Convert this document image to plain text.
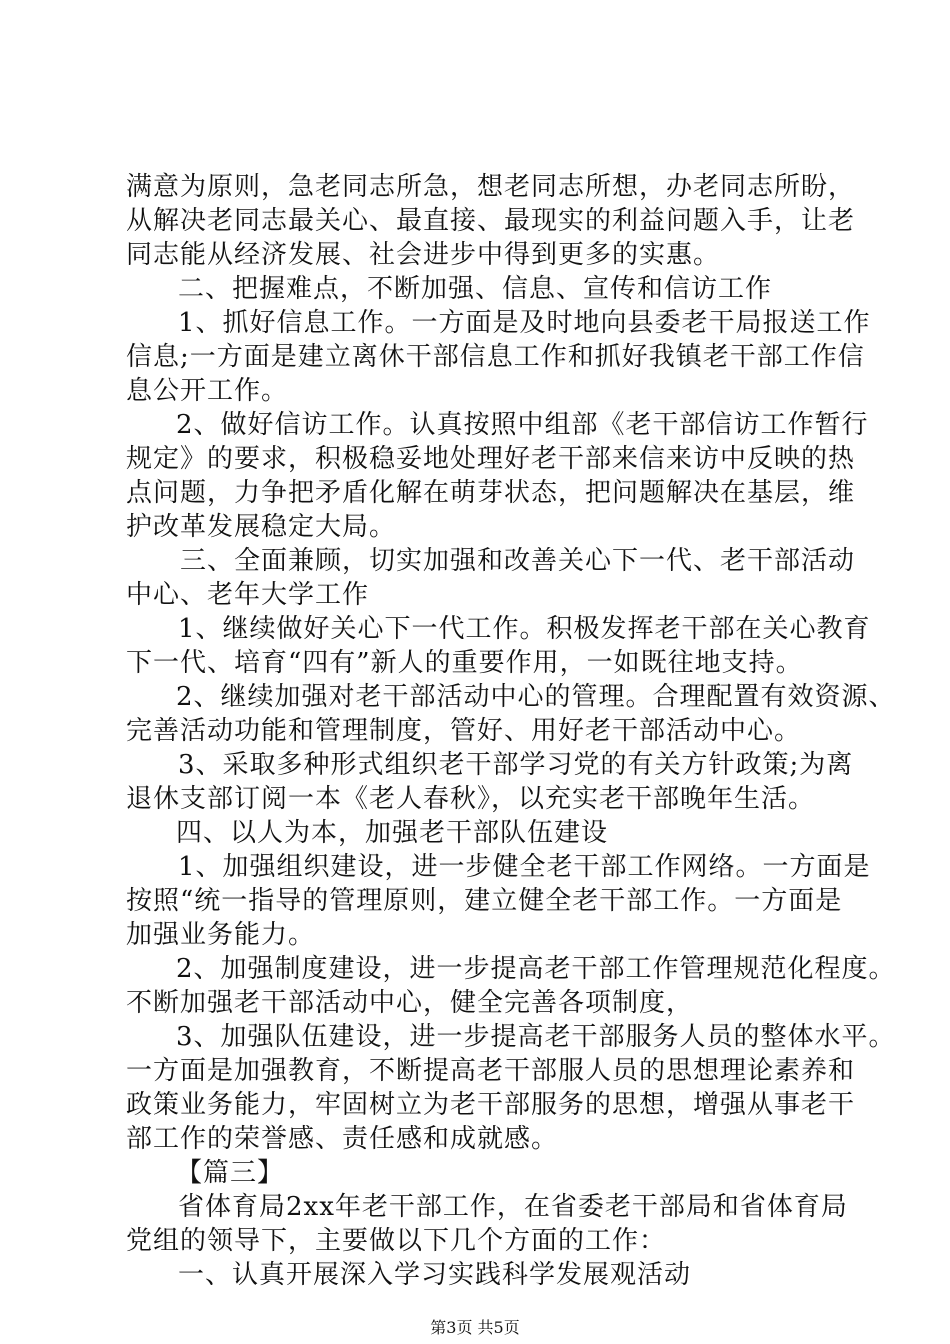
满意为原则，急老同志所急，想老同志所想，办老同志所盼，
从解决老同志最关心、最直接、最现实的利益问题入手，让老
同志能从经济发展、社会进步中得到更多的实惠。
二、把握难点，不断加强、信息、宣传和信访工作
1、抓好信息工作。一方面是及时地向县委老干局报送工作
信息;一方面是建立离休干部信息工作和抓好我镇老干部工作信
息公开工作。
2、做好信访工作。认真按照中组部《老干部信访工作暂行
规定》的要求，积极稳妥地处理好老干部来信来访中反映的热
点问题，力争把矛盾化解在萌芽状态，把问题解决在基层，维
护改革发展稳定大局。
三、全面兼顾，切实加强和改善关心下一代、老干部活动
中心、老年大学工作
1、继续做好关心下一代工作。积极发挥老干部在关心教育
下一代、培育“四有”新人的重要作用，一如既往地支持。
2、继续加强对老干部活动中心的管理。合理配置有效资源、
完善活动功能和管理制度，管好、用好老干部活动中心。
3、采取多种形式组织老干部学习党的有关方针政策;为离
退休支部订阅一本《老人春秋》，以充实老干部晚年生活。
四、以人为本，加强老干部队伍建设
1、加强组织建设，进一步健全老干部工作网络。一方面是
按照“统一指导的管理原则，建立健全老干部工作。一方面是
加强业务能力。
2、加强制度建设，进一步提高老干部工作管理规范化程度。
不断加强老干部活动中心，健全完善各项制度，
3、加强队伍建设，进一步提高老干部服务人员的整体水平。
一方面是加强教育，不断提高老干部服人员的思想理论素养和
政策业务能力，牢固树立为老干部服务的思想，增强从事老干
部工作的荣誉感、责任感和成就感。
【篇三】
省体育局2xx年老干部工作，在省委老干部局和省体育局
党组的领导下，主要做以下几个方面的工作：
一、认真开展深入学习实践科学发展观活动
第3页 共5页
